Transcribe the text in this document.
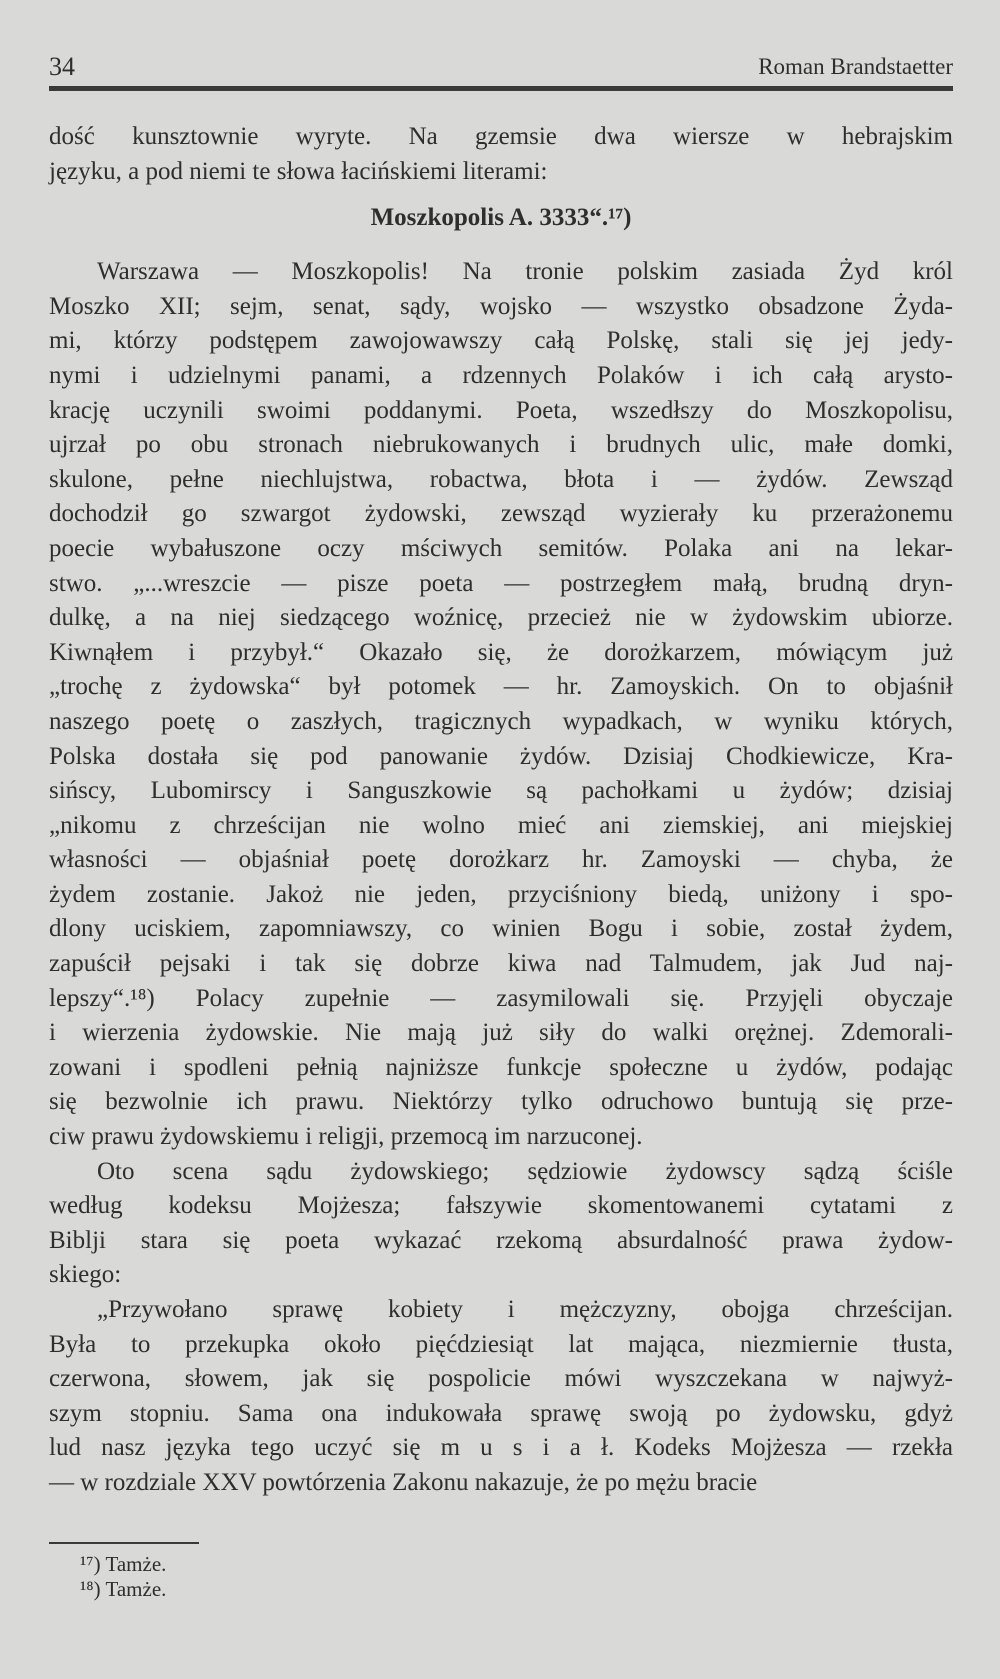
34	Roman Brandstaetter
dość kunsztownie wyryte. Na gzemsie dwa wiersze w hebrajskim
języku, a pod niemi te słowa łacińskiemi literami:
Moszkopolis A. 3333“.¹⁷)
Warszawa — Moszkopolis! Na tronie polskim zasiada Żyd król
Moszko XII; sejm, senat, sądy, wojsko — wszystko obsadzone Żyda-
mi, którzy podstępem zawojowawszy całą Polskę, stali się jej jedy-
nymi i udzielnymi panami, a rdzennych Polaków i ich całą arysto-
krację uczynili swoimi poddanymi. Poeta, wszedłszy do Moszkopolisu,
ujrzał po obu stronach niebrukowanych i brudnych ulic, małe domki,
skulone, pełne niechlujstwa, robactwa, błota i — żydów. Zewsząd
dochodził go szwargot żydowski, zewsząd wyzierały ku przerażonemu
poecie wybałuszone oczy mściwych semitów. Polaka ani na lekar-
stwo. „...wreszcie — pisze poeta — postrzegłem małą, brudną dryn-
dulkę, a na niej siedzącego woźnicę, przecież nie w żydowskim ubiorze.
Kiwnąłem i przybył.“ Okazało się, że dorożkarzem, mówiącym już
„trochę z żydowska“ był potomek — hr. Zamoyskich. On to objaśnił
naszego poetę o zaszłych, tragicznych wypadkach, w wyniku których,
Polska dostała się pod panowanie żydów. Dzisiaj Chodkiewicze, Kra-
sińscy, Lubomirscy i Sanguszkowie są pachołkami u żydów; dzisiaj
„nikomu z chrześcijan nie wolno mieć ani ziemskiej, ani miejskiej
własności — objaśniał poetę dorożkarz hr. Zamoyski — chyba, że
żydem zostanie. Jakoż nie jeden, przyciśniony biedą, uniżony i spo-
dlony uciskiem, zapomniawszy, co winien Bogu i sobie, został żydem,
zapuścił pejsaki i tak się dobrze kiwa nad Talmudem, jak Jud naj-
lepszy“.¹⁸) Polacy zupełnie — zasymilowali się. Przyjęli obyczaje
i wierzenia żydowskie. Nie mają już siły do walki orężnej. Zdemorali-
zowani i spodleni pełnią najniższe funkcje społeczne u żydów, podając
się bezwolnie ich prawu. Niektórzy tylko odruchowo buntują się prze-
ciw prawu żydowskiemu i religji, przemocą im narzuconej.
Oto scena sądu żydowskiego; sędziowie żydowscy sądzą ściśle
według kodeksu Mojżesza; fałszywie skomentowanemi cytatami z
Biblji stara się poeta wykazać rzekomą absurdalność prawa żydow-
skiego:
„Przywołano sprawę kobiety i mężczyzny, obojga chrześcijan.
Była to przekupka około pięćdziesiąt lat mająca, niezmiernie tłusta,
czerwona, słowem, jak się pospolicie mówi wyszczekana w najwyż-
szym stopniu. Sama ona indukowała sprawę swoją po żydowsku, gdyż
lud nasz języka tego uczyć się m u s i a ł. Kodeks Mojżesza — rzekła
— w rozdziale XXV powtórzenia Zakonu nakazuje, że po mężu bracie
¹⁷) Tamże.
¹⁸) Tamże.
